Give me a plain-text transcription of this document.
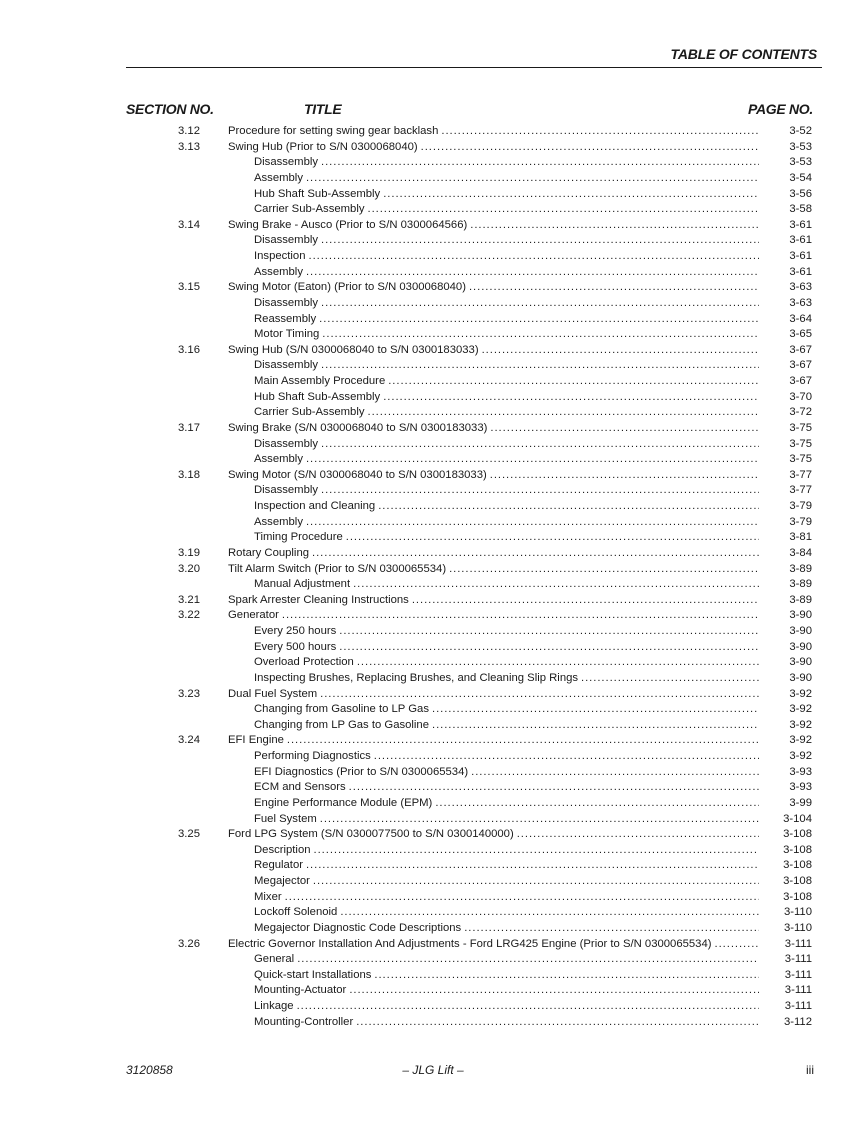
TABLE OF CONTENTS
SECTION NO.	TITLE	PAGE NO.
3.12	Procedure for setting swing gear backlash . . .	3-52
3.13	Swing Hub (Prior to S/N 0300068040) . . .	3-53
Disassembly . . .	3-53
Assembly . . .	3-54
Hub Shaft Sub-Assembly . . .	3-56
Carrier Sub-Assembly . . .	3-58
3.14	Swing Brake - Ausco (Prior to S/N 0300064566) . . .	3-61
Disassembly . . .	3-61
Inspection . . .	3-61
Assembly . . .	3-61
3.15	Swing Motor (Eaton) (Prior to S/N 0300068040) . . .	3-63
Disassembly . . .	3-63
Reassembly . . .	3-64
Motor Timing . . .	3-65
3.16	Swing Hub (S/N 0300068040 to S/N 0300183033) . . .	3-67
Disassembly . . .	3-67
Main Assembly Procedure . . .	3-67
Hub Shaft Sub-Assembly . . .	3-70
Carrier Sub-Assembly . . .	3-72
3.17	Swing Brake (S/N 0300068040 to S/N 0300183033) . . .	3-75
Disassembly . . .	3-75
Assembly . . .	3-75
3.18	Swing Motor (S/N 0300068040 to S/N 0300183033) . . .	3-77
Disassembly . . .	3-77
Inspection and Cleaning . . .	3-79
Assembly . . .	3-79
Timing Procedure . . .	3-81
3.19	Rotary Coupling . . .	3-84
3.20	Tilt Alarm Switch (Prior to S/N 0300065534) . . .	3-89
Manual Adjustment . . .	3-89
3.21	Spark Arrester Cleaning Instructions . . .	3-89
3.22	Generator . . .	3-90
Every 250 hours . . .	3-90
Every 500 hours . . .	3-90
Overload Protection . . .	3-90
Inspecting Brushes, Replacing Brushes, and Cleaning Slip Rings . . .	3-90
3.23	Dual Fuel System . . .	3-92
Changing from Gasoline to LP Gas . . .	3-92
Changing from LP Gas to Gasoline . . .	3-92
3.24	EFI Engine . . .	3-92
Performing Diagnostics . . .	3-92
EFI Diagnostics (Prior to S/N 0300065534) . . .	3-93
ECM and Sensors . . .	3-93
Engine Performance Module (EPM) . . .	3-99
Fuel System . . .	3-104
3.25	Ford LPG System (S/N 0300077500 to S/N 0300140000) . . .	3-108
Description . . .	3-108
Regulator . . .	3-108
Megajector . . .	3-108
Mixer . . .	3-108
Lockoff Solenoid . . .	3-110
Megajector Diagnostic Code Descriptions . . .	3-110
3.26	Electric Governor Installation And Adjustments - Ford LRG425 Engine (Prior to S/N 0300065534) . . .	3-111
General . . .	3-111
Quick-start Installations . . .	3-111
Mounting-Actuator . . .	3-111
Linkage . . .	3-111
Mounting-Controller . . .	3-112
3120858	– JLG Lift –	iii
